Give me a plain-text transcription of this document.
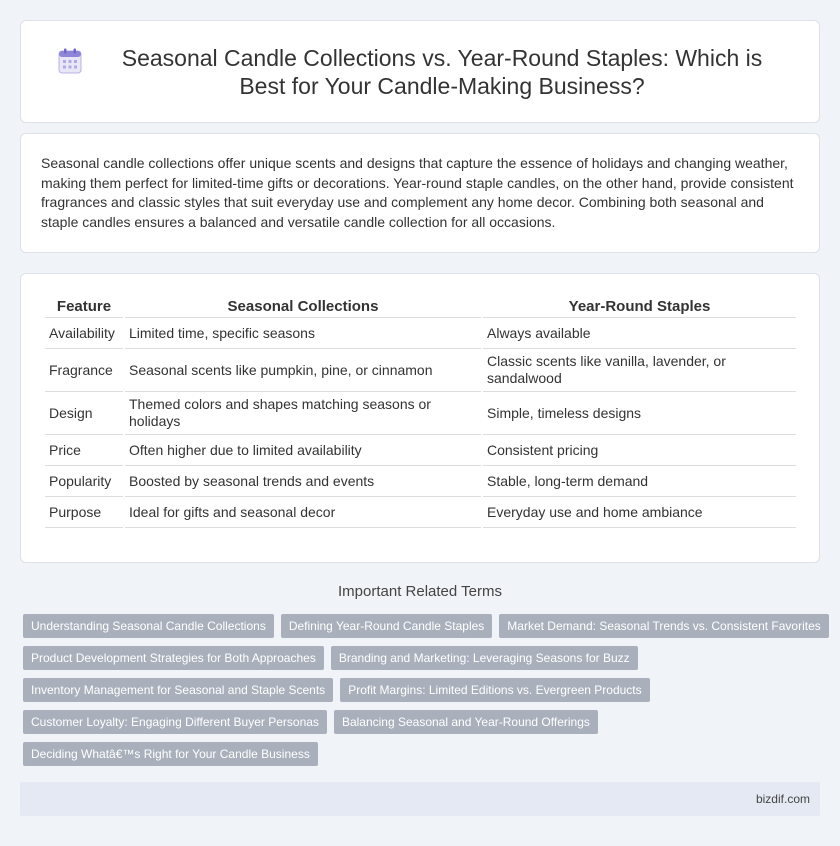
Seasonal Candle Collections vs. Year-Round Staples: Which is Best for Your Candle-Making Business?

Seasonal candle collections offer unique scents and designs that capture the essence of holidays and changing weather, making them perfect for limited-time gifts or decorations. Year-round staple candles, on the other hand, provide consistent fragrances and classic styles that suit everyday use and complement any home decor. Combining both seasonal and staple candles ensures a balanced and versatile candle collection for all occasions.

Feature	Seasonal Collections	Year-Round Staples
Availability	Limited time, specific seasons	Always available
Fragrance	Seasonal scents like pumpkin, pine, or cinnamon	Classic scents like vanilla, lavender, or sandalwood
Design	Themed colors and shapes matching seasons or holidays	Simple, timeless designs
Price	Often higher due to limited availability	Consistent pricing
Popularity	Boosted by seasonal trends and events	Stable, long-term demand
Purpose	Ideal for gifts and seasonal decor	Everyday use and home ambiance
Important Related Terms
Understanding Seasonal Candle Collections	Defining Year-Round Candle Staples	Market Demand: Seasonal Trends vs. Consistent Favorites
Product Development Strategies for Both Approaches	Branding and Marketing: Leveraging Seasons for Buzz
Inventory Management for Seasonal and Staple Scents	Profit Margins: Limited Editions vs. Evergreen Products
Customer Loyalty: Engaging Different Buyer Personas	Balancing Seasonal and Year-Round Offerings
Deciding Whatâ€™s Right for Your Candle Business
bizdif.com
